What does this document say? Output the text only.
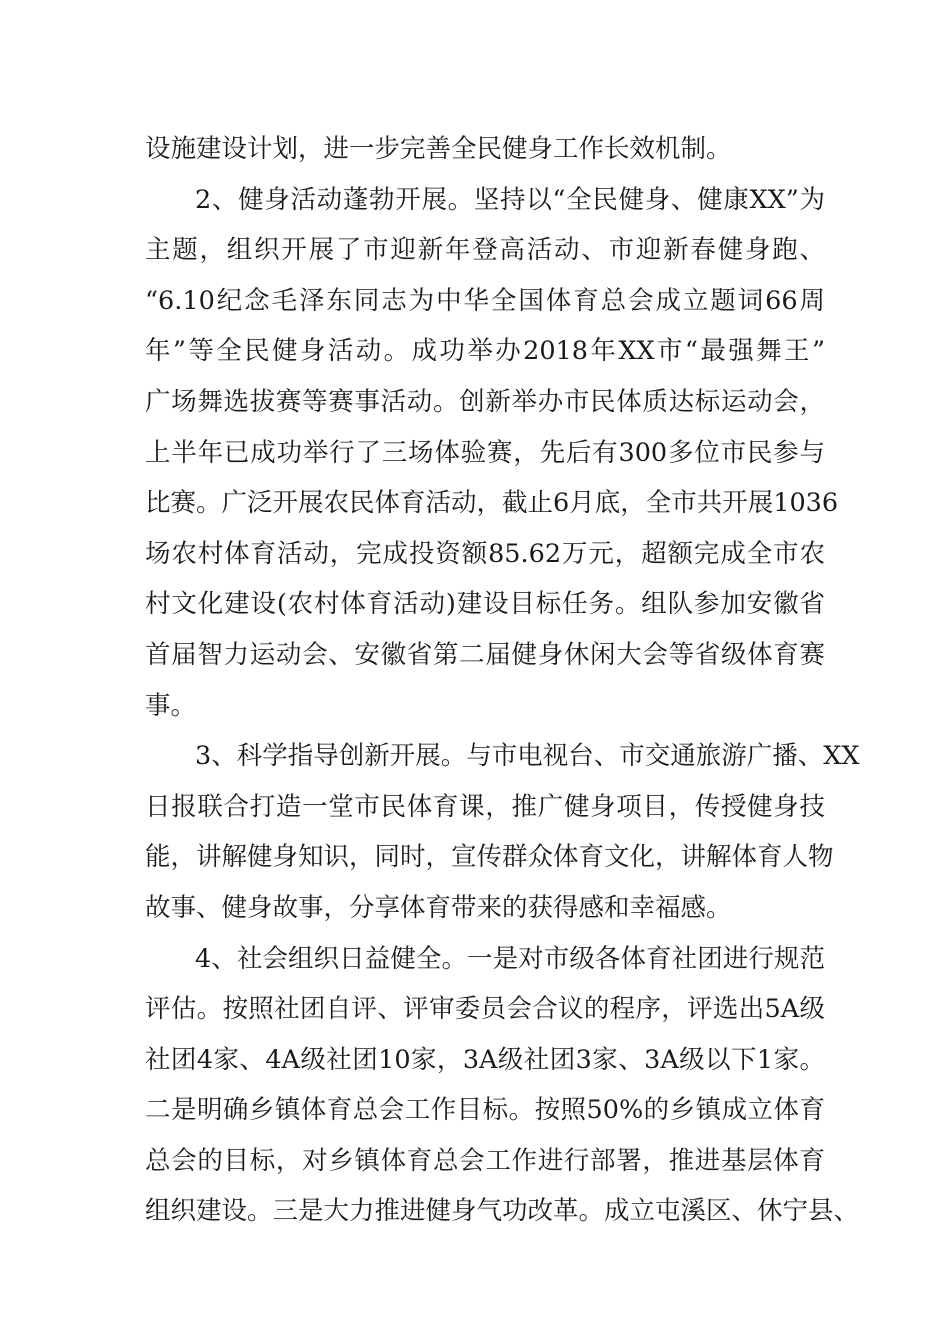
设施建设计划，进一步完善全民健身工作长效机制。
2、健身活动蓬勃开展。坚持以“全民健身、健康XX”为
主题，组织开展了市迎新年登高活动、市迎新春健身跑、
“6.10纪念毛泽东同志为中华全国体育总会成立题词66周
年”等全民健身活动。成功举办2018年XX市“最强舞王”
广场舞选拔赛等赛事活动。创新举办市民体质达标运动会，
上半年已成功举行了三场体验赛，先后有300多位市民参与
比赛。广泛开展农民体育活动，截止6月底，全市共开展1036
场农村体育活动，完成投资额85.62万元，超额完成全市农
村文化建设(农村体育活动)建设目标任务。组队参加安徽省
首届智力运动会、安徽省第二届健身休闲大会等省级体育赛
事。
3、科学指导创新开展。与市电视台、市交通旅游广播、XX
日报联合打造一堂市民体育课，推广健身项目，传授健身技
能，讲解健身知识，同时，宣传群众体育文化，讲解体育人物
故事、健身故事，分享体育带来的获得感和幸福感。
4、社会组织日益健全。一是对市级各体育社团进行规范
评估。按照社团自评、评审委员会合议的程序，评选出5A级
社团4家、4A级社团10家，3A级社团3家、3A级以下1家。
二是明确乡镇体育总会工作目标。按照50%的乡镇成立体育
总会的目标，对乡镇体育总会工作进行部署，推进基层体育
组织建设。三是大力推进健身气功改革。成立屯溪区、休宁县、
